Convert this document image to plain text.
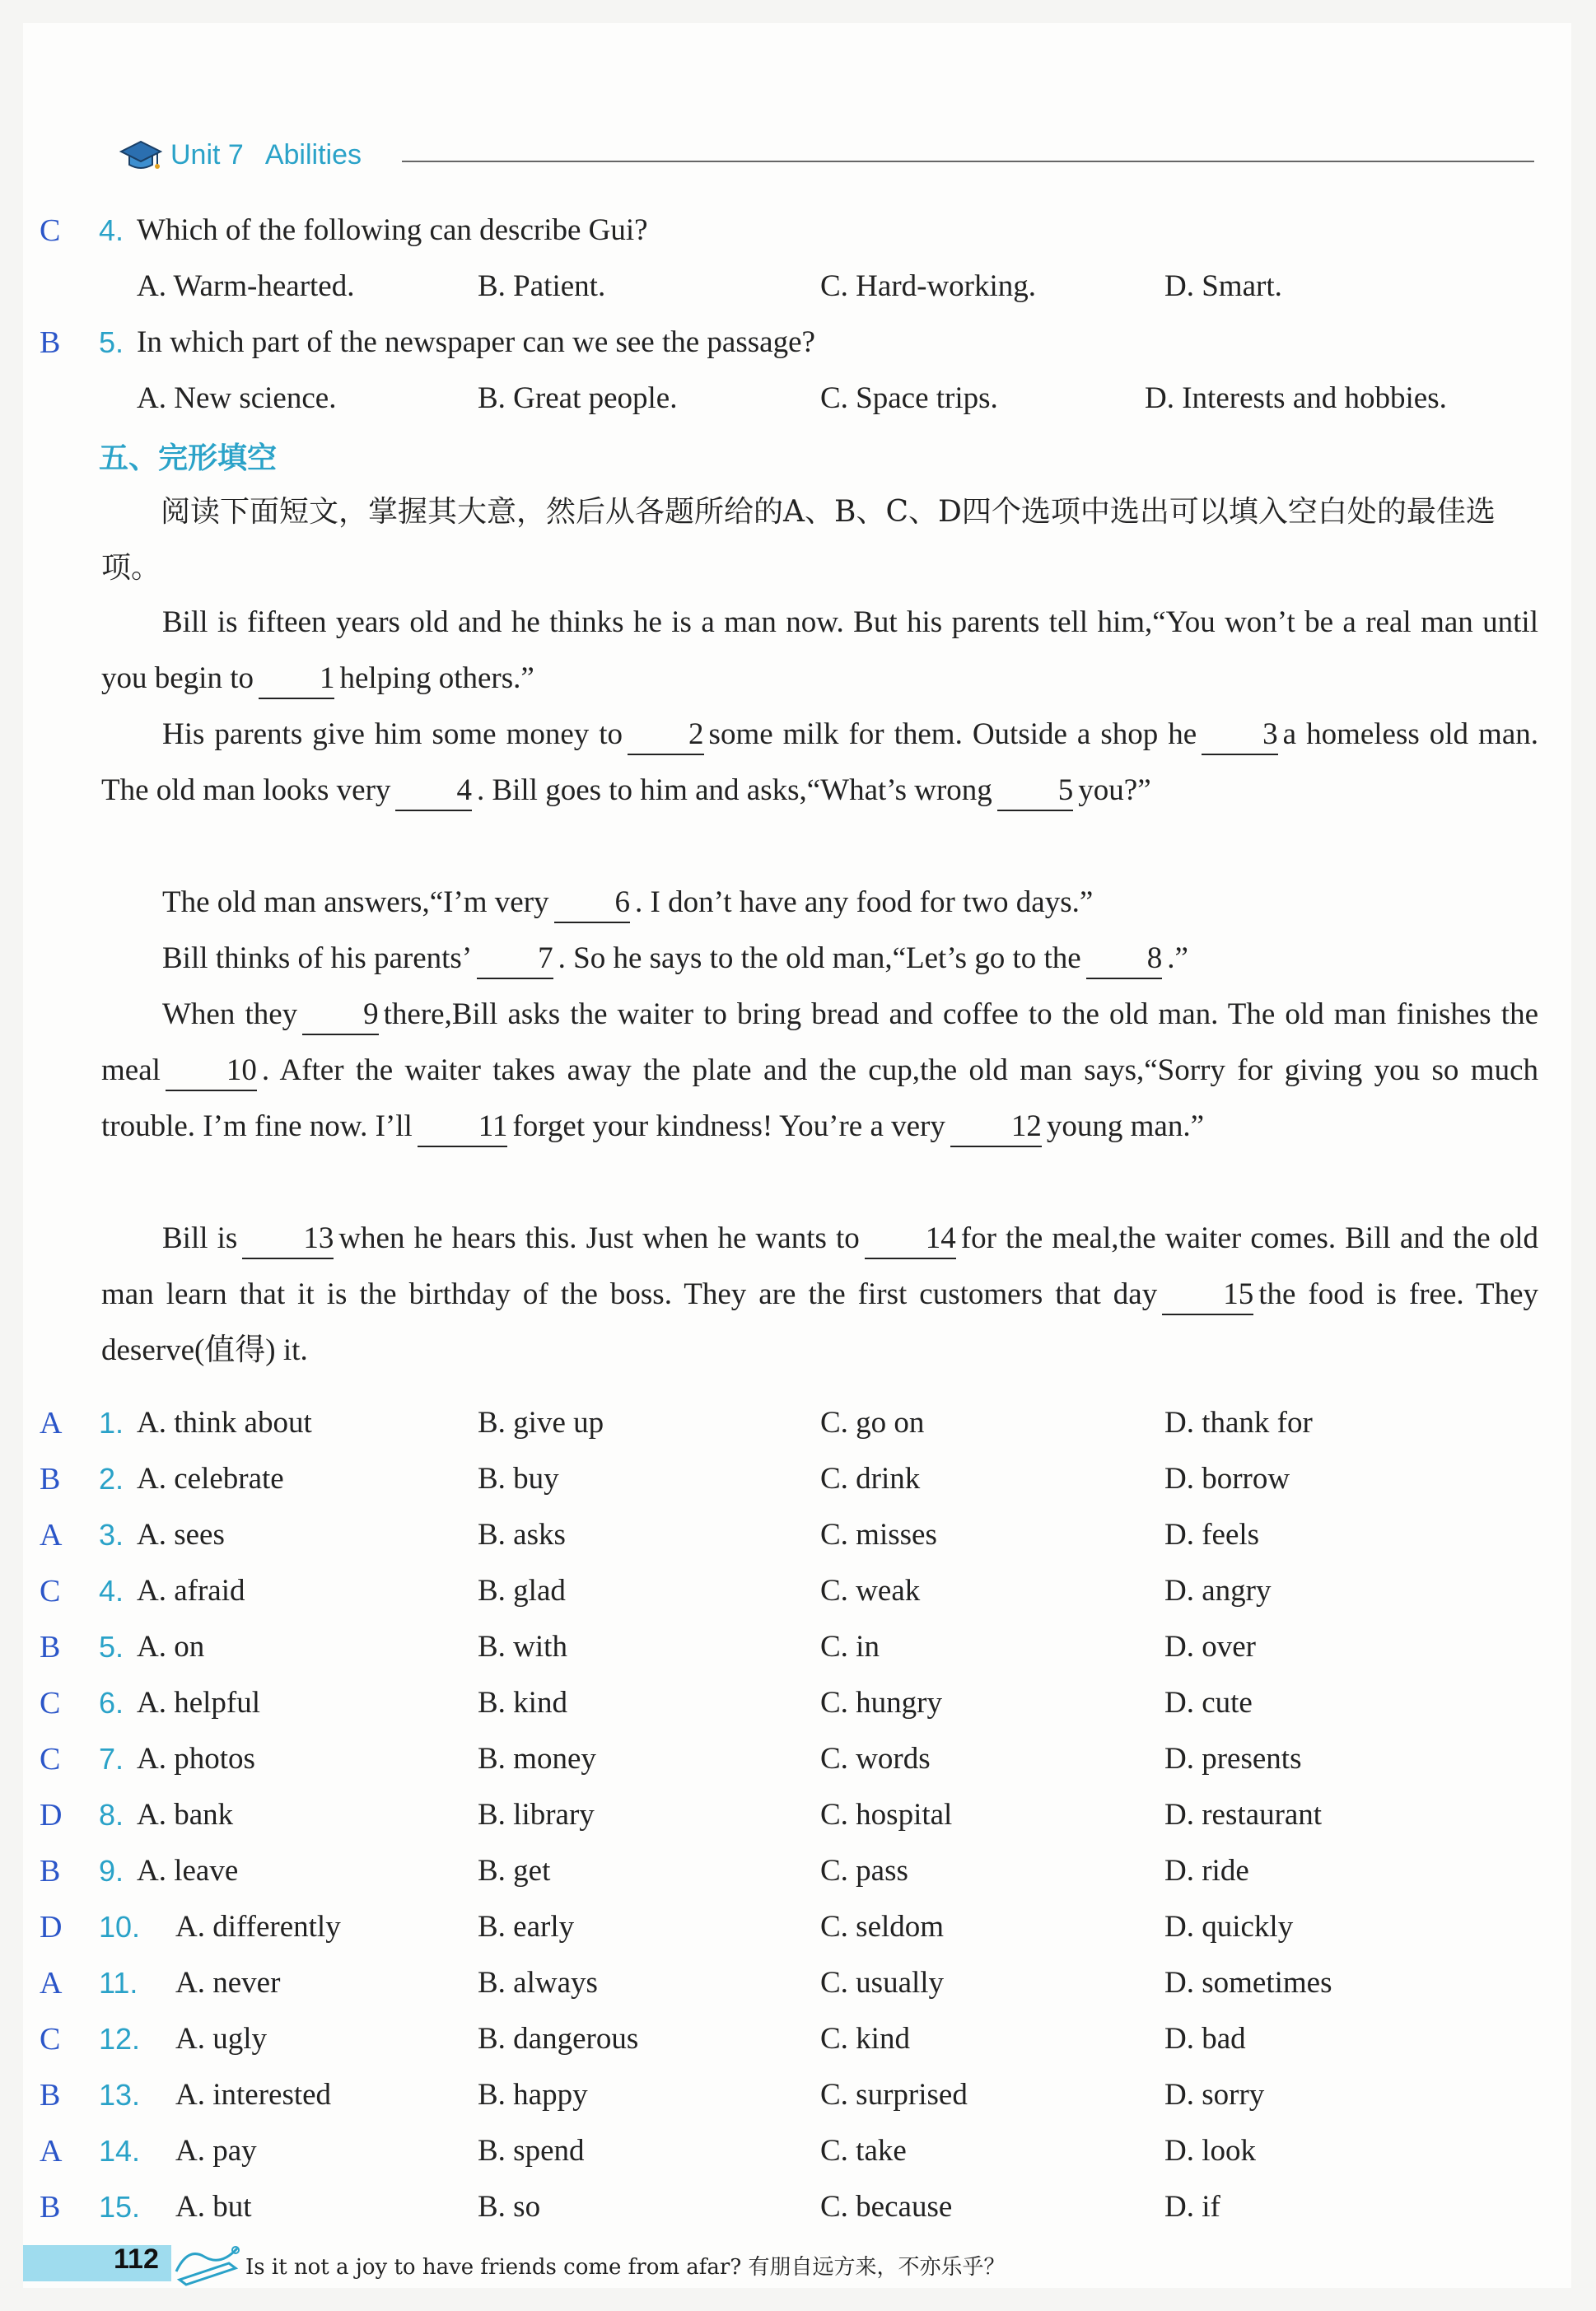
Unit 7 Abilities
C	4. Which of the following can describe Gui?
A. Warm-hearted.	B. Patient.	C. Hard-working.	D. Smart.
B	5. In which part of the newspaper can we see the passage?
A. New science.	B. Great people.	C. Space trips.	D. Interests and hobbies.
五、完形填空
阅读下面短文，掌握其大意，然后从各题所给的A、B、C、D四个选项中选出可以填入空白处的最佳选项。

Bill is fifteen years old and he thinks he is a man now. But his parents tell him,“You won’t be a real man until you begin to 1 helping others.”

His parents give him some money to 2 some milk for them. Outside a shop he 3 a homeless old man. The old man looks very 4 . Bill goes to him and asks,“What’s wrong 5 you?”

The old man answers,“I’m very 6 . I don’t have any food for two days.”

Bill thinks of his parents’ 7 . So he says to the old man,“Let’s go to the 8 .”

When they 9 there,Bill asks the waiter to bring bread and coffee to the old man. The old man finishes the meal 10 . After the waiter takes away the plate and the cup,the old man says,“Sorry for giving you so much trouble. I’m fine now. I’ll 11 forget your kindness! You’re a very 12 young man.”

Bill is 13 when he hears this. Just when he wants to 14 for the meal,the waiter comes. Bill and the old man learn that it is the birthday of the boss. They are the first customers that day 15 the food is free. They deserve(值得) it.

A 1. A. think about	B. give up	C. go on	D. thank for
B 2. A. celebrate	B. buy	C. drink	D. borrow
A 3. A. sees	B. asks	C. misses	D. feels
C 4. A. afraid	B. glad	C. weak	D. angry
B 5. A. on	B. with	C. in	D. over
C 6. A. helpful	B. kind	C. hungry	D. cute
C 7. A. photos	B. money	C. words	D. presents
D 8. A. bank	B. library	C. hospital	D. restaurant
B 9. A. leave	B. get	C. pass	D. ride
D 10. A. differently	B. early	C. seldom	D. quickly
A 11. A. never	B. always	C. usually	D. sometimes
C 12. A. ugly	B. dangerous	C. kind	D. bad
B 13. A. interested	B. happy	C. surprised	D. sorry
A 14. A. pay	B. spend	C. take	D. look
B 15. A. but	B. so	C. because	D. if
112	Is it not a joy to have friends come from afar? 有朋自远方来，不亦乐乎？
